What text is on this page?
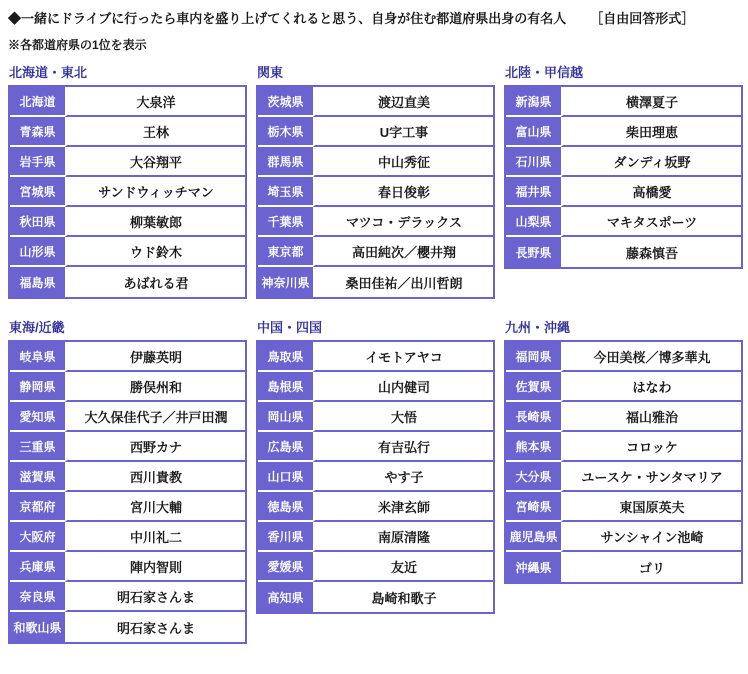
◆一緒にドライブに行ったら車内を盛り上げてくれると思う、自身が住む都道府県出身の有名人 ［自由回答形式］
※各都道府県の1位を表示
北海道・東北
北海道	大泉洋
青森県	王林
岩手県	大谷翔平
宮城県	サンドウィッチマン
秋田県	柳葉敏郎
山形県	ウド鈴木
福島県	あばれる君
関東
茨城県	渡辺直美
栃木県	U字工事
群馬県	中山秀征
埼玉県	春日俊彰
千葉県	マツコ・デラックス
東京都	高田純次／櫻井翔
神奈川県	桑田佳祐／出川哲朗
北陸・甲信越
新潟県	横澤夏子
富山県	柴田理恵
石川県	ダンディ坂野
福井県	高橋愛
山梨県	マキタスポーツ
長野県	藤森慎吾
東海/近畿
岐阜県	伊藤英明
静岡県	勝俣州和
愛知県	大久保佳代子／井戸田潤
三重県	西野カナ
滋賀県	西川貴教
京都府	宮川大輔
大阪府	中川礼二
兵庫県	陣内智則
奈良県	明石家さんま
和歌山県	明石家さんま
中国・四国
鳥取県	イモトアヤコ
島根県	山内健司
岡山県	大悟
広島県	有吉弘行
山口県	やす子
徳島県	米津玄師
香川県	南原清隆
愛媛県	友近
高知県	島崎和歌子
九州・沖縄
福岡県	今田美桜／博多華丸
佐賀県	はなわ
長崎県	福山雅治
熊本県	コロッケ
大分県	ユースケ・サンタマリア
宮崎県	東国原英夫
鹿児島県	サンシャイン池崎
沖縄県	ゴリ
